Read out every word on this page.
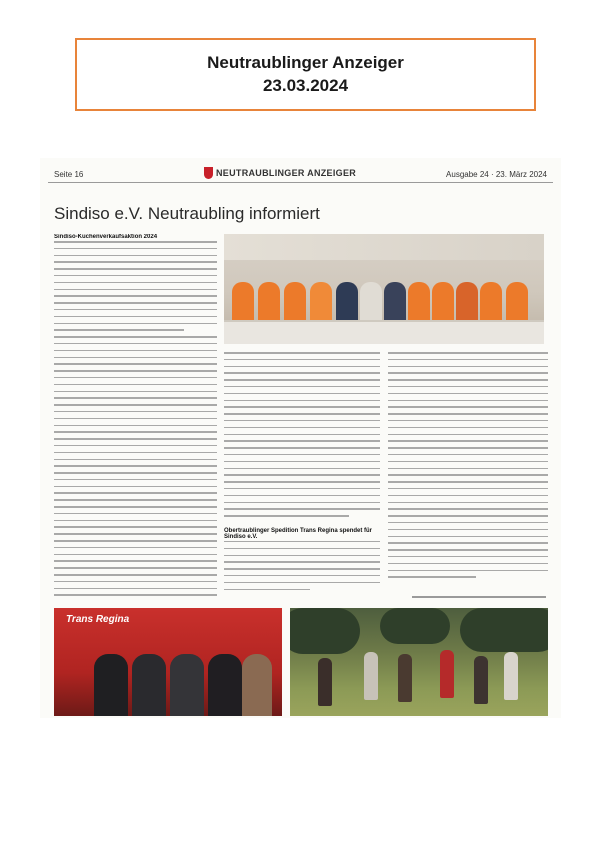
Neutraublinger Anzeiger
23.03.2024
Seite 16	NEUTRAUBLINGER ANZEIGER	Ausgabe 24 · 23. März 2024
Sindiso e.V. Neutraubling informiert
Sindiso-Kuchenverkaufsaktion 2024
Obertraublinger Spedition Trans Regina spendet für Sindiso e.V.
Trans Regina
